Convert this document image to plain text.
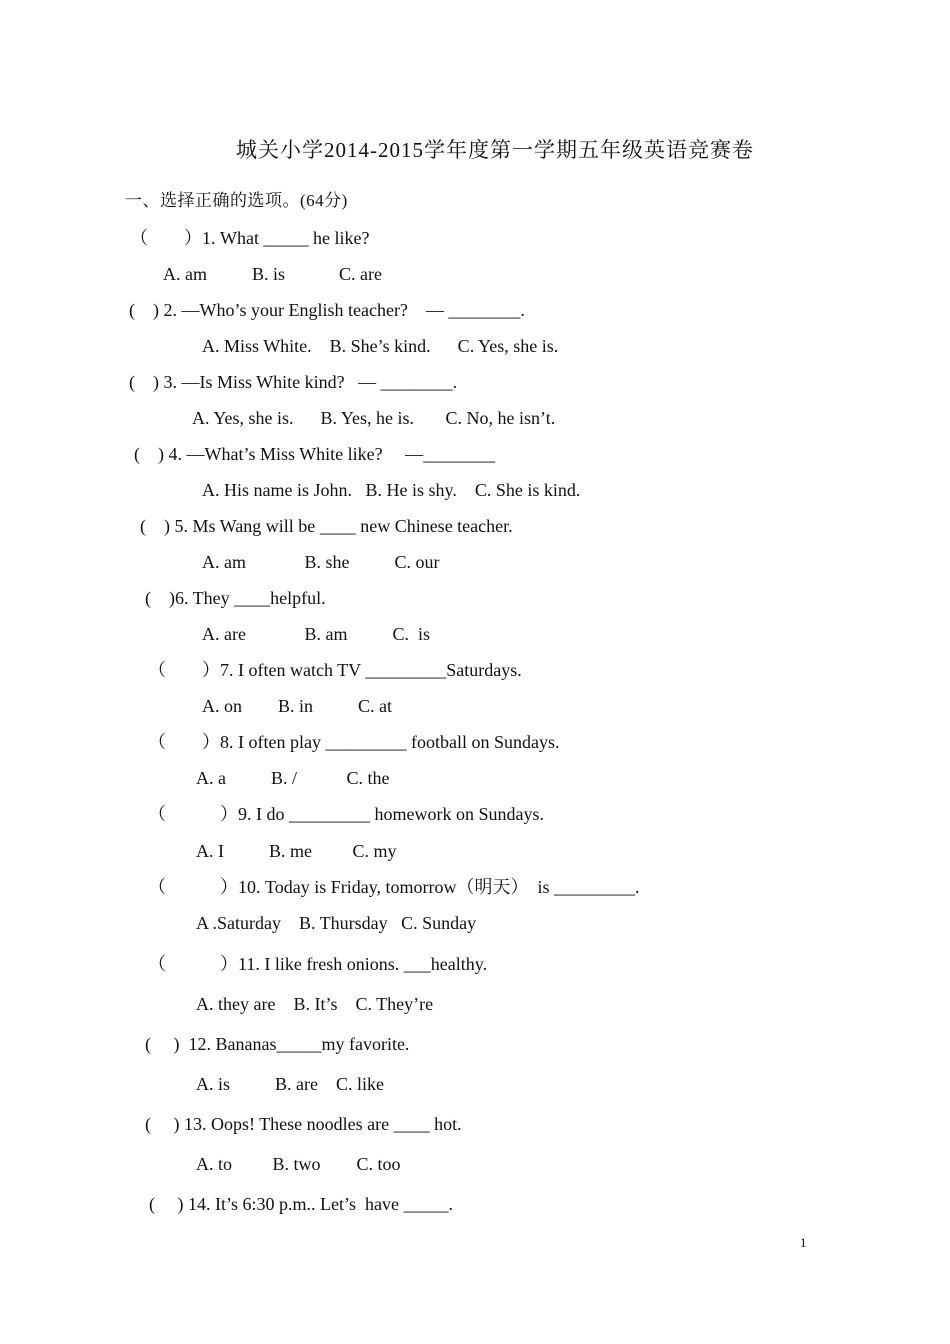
城关小学2014-2015学年度第一学期五年级英语竞赛卷
一、选择正确的选项。(64分)
（　　）1. What _____ he like?
A. am          B. is            C. are
(    ) 2. —Who’s your English teacher?    — ________.
A. Miss White.    B. She’s kind.      C. Yes, she is.
(    ) 3. —Is Miss White kind?   — ________.
A. Yes, she is.      B. Yes, he is.       C. No, he isn’t.
(    ) 4. —What’s Miss White like?     —________
A. His name is John.   B. He is shy.    C. She is kind.
(    ) 5. Ms Wang will be ____ new Chinese teacher.
A. am             B. she          C. our
(    )6. They ____helpful.
A. are             B. am          C.  is
（　　）7. I often watch TV _________Saturdays.
A. on        B. in          C. at
（　　）8. I often play _________ football on Sundays.
A. a          B. /           C. the
（　　　）9. I do _________ homework on Sundays.
A. I          B. me         C. my
（　　　）10. Today is Friday, tomorrow（明天）  is _________.
A .Saturday    B. Thursday   C. Sunday
（　　　）11. I like fresh onions. ___healthy.
A. they are    B. It’s    C. They’re
(     )  12. Bananas_____my favorite.
A. is          B. are    C. like
(     ) 13. Oops! These noodles are ____ hot.
A. to         B. two        C. too
(     ) 14. It’s 6:30 p.m.. Let’s  have _____.
1
